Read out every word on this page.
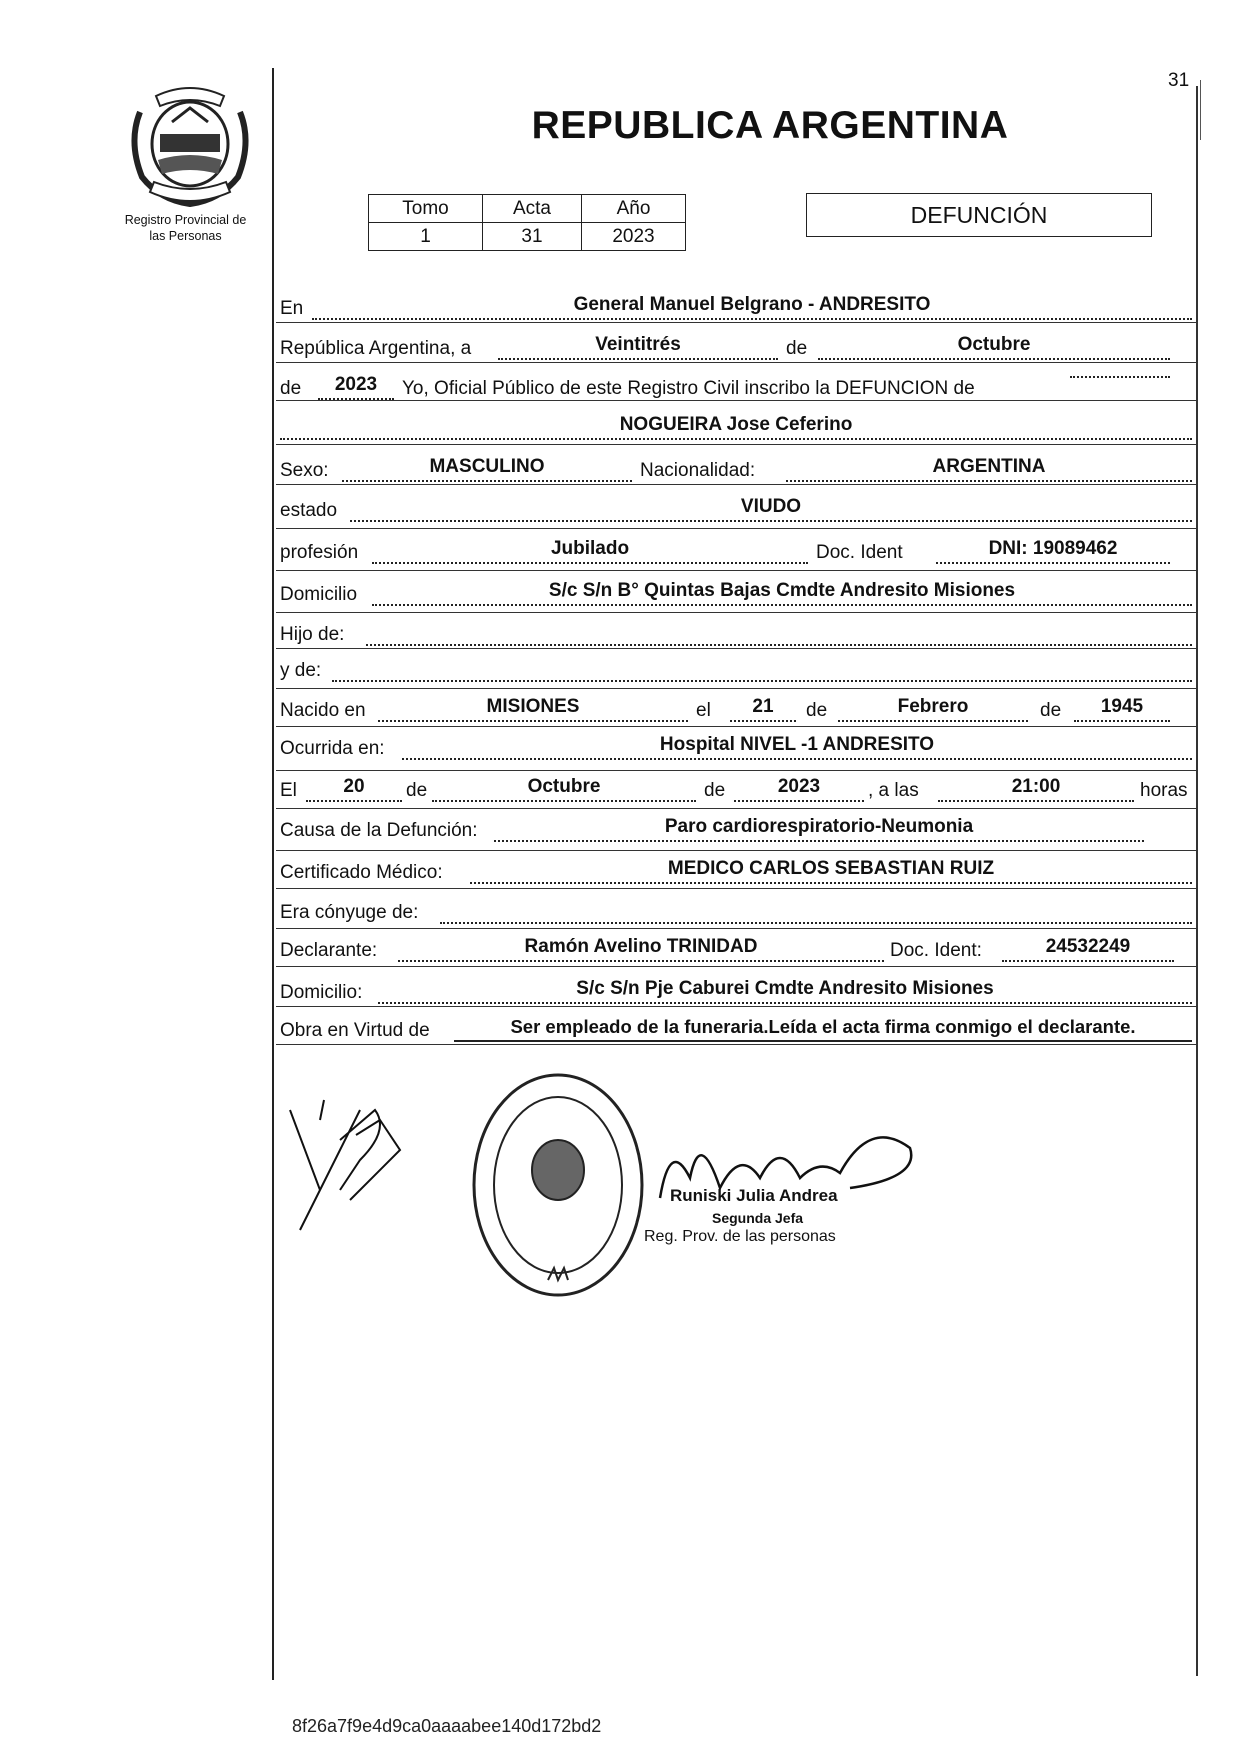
31
Registro Provincial de
las Personas
REPUBLICA ARGENTINA
Tomo	Acta	Año
1	31	2023
DEFUNCIÓN
En	General Manuel Belgrano - ANDRESITO
República Argentina, a	Veintitrés	de	Octubre
de	2023	Yo, Oficial Público de este Registro Civil inscribo la DEFUNCION de
NOGUEIRA Jose Ceferino
Sexo:	MASCULINO	Nacionalidad:	ARGENTINA
estado	VIUDO
profesión	Jubilado	Doc. Ident	DNI: 19089462
Domicilio	S/c S/n B° Quintas Bajas Cmdte Andresito Misiones
Hijo de:
y de:
Nacido en	MISIONES	el	21	de	Febrero	de	1945
Ocurrida en:	Hospital NIVEL -1 ANDRESITO
El	20	de	Octubre	de	2023	, a las	21:00	horas
Causa de la Defunción:	Paro cardiorespiratorio-Neumonia
Certificado Médico:	MEDICO CARLOS SEBASTIAN RUIZ
Era cónyuge de:
Declarante:	Ramón Avelino TRINIDAD	Doc. Ident:	24532249
Domicilio:	S/c S/n Pje Caburei Cmdte Andresito Misiones
Obra en Virtud de	Ser empleado de la funeraria.Leída el acta firma conmigo el declarante.
Runiski Julia Andrea
Segunda Jefa
Reg. Prov. de las personas
8f26a7f9e4d9ca0aaaabee140d172bd2
